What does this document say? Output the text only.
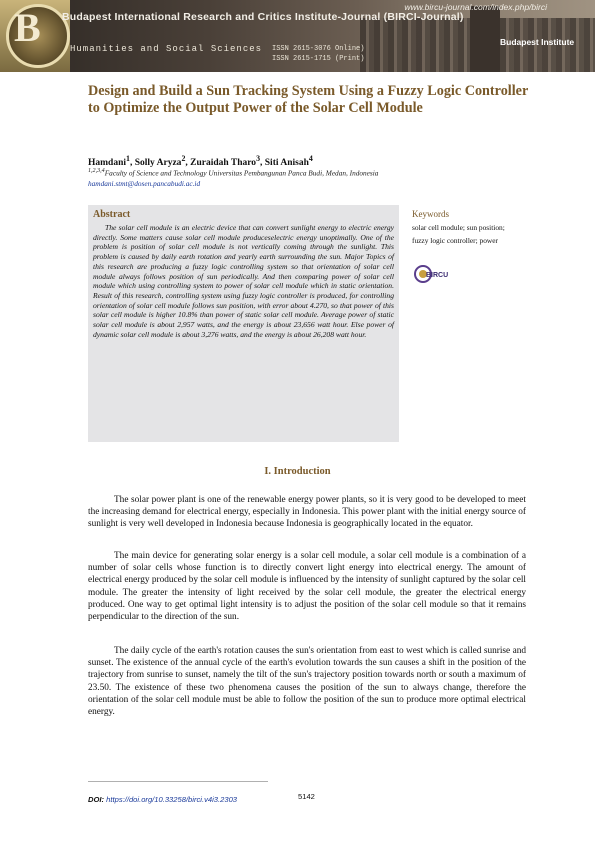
B	www.bircu-journal.com/index.php/birci
Budapest International Research and Critics Institute-Journal (BIRCI-Journal)
Humanities and Social Sciences ISSN 2615-3076 Online)
ISSN 2615-1715 (Print)
Budapest Institute
Design and Build a Sun Tracking System Using a Fuzzy Logic Controller to Optimize the Output Power of the Solar Cell Module
Hamdani$^1$, Solly Aryza$^2$, Zuraidah Tharo$^3$, Siti Anisah$^4$
$^{1,2,3,4}$Faculty of Science and Technology Universitas Pembangunan Panca Budi, Medan, Indonesia
hamdani.stmt@dosen.pancabudi.ac.id

Abstract

The solar cell module is an electric device that can convert sunlight energy to electric energy directly. Some matters cause solar cell module produceselectric energy unoptimally. One of the problem is position of solar cell module is not vertically coming through the sunlight. This problem is caused by daily earth rotation and yearly earth surrounding the sun. Major Topics of this research are producing a fuzzy logic controlling system so that orientation of solar cell module always follows position of sun periodically. And then comparing power of solar cell module which using controlling system to power of solar cell module which in static orientation. Result of this research, controlling system using fuzzy logic controller is produced, for controlling orientation of solar cell module follows sun position, with error about 4.270, so that power of this solar cell module is higher 10.8% than power of static solar cell module. Average power of static solar cell module is about 2,957 watts, and the energy is about 23,656 watt hour. Else power of dynamic solar cell module is about 3,276 watts, and the energy is about 26,208 watt hour.

Keywords
solar cell module; sun position; fuzzy logic controller; power
BIRCU
I. Introduction

The solar power plant is one of the renewable energy power plants, so it is very good to be developed to meet the increasing demand for electrical energy, especially in Indonesia. This power plant with the initial energy source of sunlight is very well developed in Indonesia because Indonesia is geographically located in the equator.

The main device for generating solar energy is a solar cell module, a solar cell module is a combination of a number of solar cells whose function is to directly convert light energy into electrical energy. The amount of electrical energy produced by the solar cell module is influenced by the intensity of sunlight captured by the solar cell module. The greater the intensity of light received by the solar cell module, the greater the electrical energy produced. One way to get optimal light intensity is to adjust the position of the solar cell module so that it remains perpendicular to the direction of the sun.

The daily cycle of the earth's rotation causes the sun's orientation from east to west which is called sunrise and sunset. The existence of the annual cycle of the earth's evolution towards the sun causes a shift in the position of the trajectory from sunrise to sunset, namely the tilt of the sun's trajectory position towards north or south a maximum of 23.50. The existence of these two phenomena causes the position of the sun to always change, therefore the orientation of the solar cell module must be able to follow the position of the sun to produce more optimal electrical energy.

DOI: https://doi.org/10.33258/birci.v4i3.2303	5142
